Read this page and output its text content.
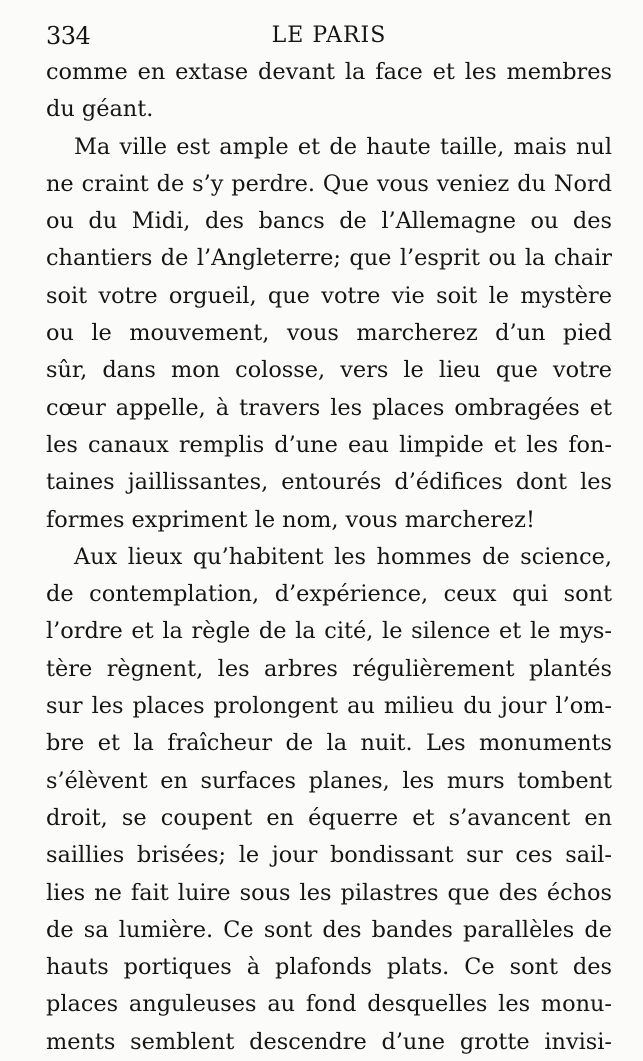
334	LE PARIS
comme en extase devant la face et les membres
du géant.
Ma ville est ample et de haute taille, mais nul
ne craint de s’y perdre. Que vous veniez du Nord
ou du Midi, des bancs de l’Allemagne ou des
chantiers de l’Angleterre; que l’esprit ou la chair
soit votre orgueil, que votre vie soit le mystère
ou le mouvement, vous marcherez d’un pied
sûr, dans mon colosse, vers le lieu que votre
cœur appelle, à travers les places ombragées et
les canaux remplis d’une eau limpide et les fon-
taines jaillissantes, entourés d’édifices dont les
formes expriment le nom, vous marcherez!
Aux lieux qu’habitent les hommes de science,
de contemplation, d’expérience, ceux qui sont
l’ordre et la règle de la cité, le silence et le mys-
tère règnent, les arbres régulièrement plantés
sur les places prolongent au milieu du jour l’om-
bre et la fraîcheur de la nuit. Les monuments
s’élèvent en surfaces planes, les murs tombent
droit, se coupent en équerre et s’avancent en
saillies brisées; le jour bondissant sur ces sail-
lies ne fait luire sous les pilastres que des échos
de sa lumière. Ce sont des bandes parallèles de
hauts portiques à plafonds plats. Ce sont des
places anguleuses au fond desquelles les monu-
ments semblent descendre d’une grotte invisi-
